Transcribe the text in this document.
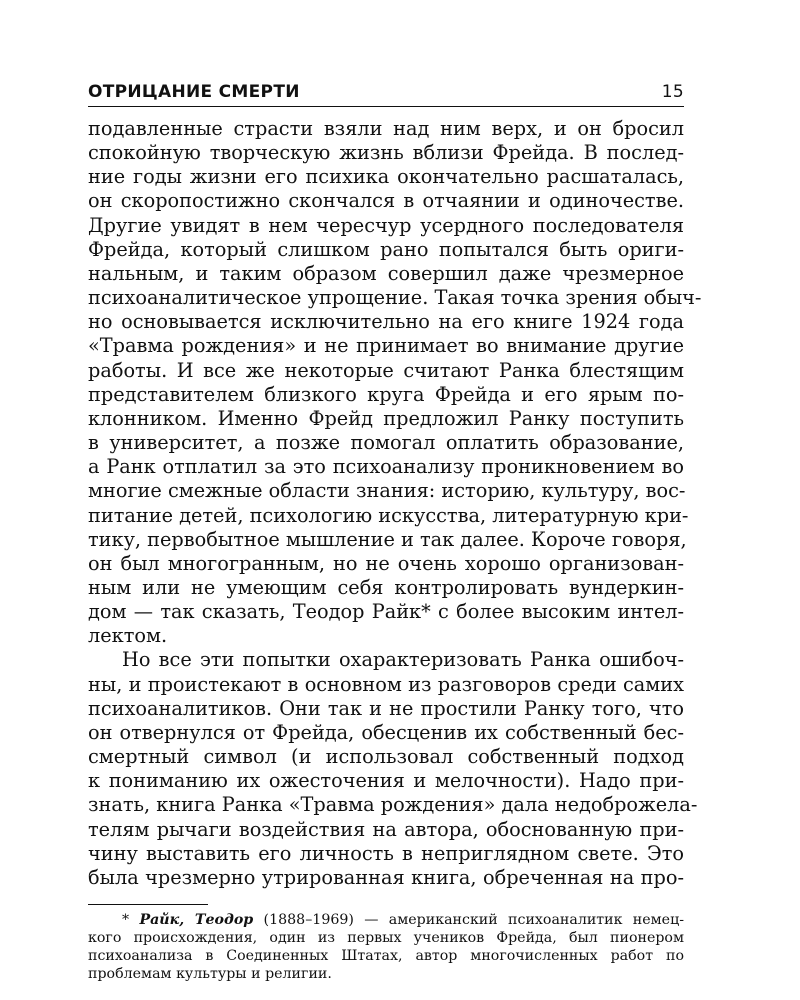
ОТРИЦАНИЕ СМЕРТИ	15
подавленные страсти взяли над ним верх, и он бросил
спокойную творческую жизнь вблизи Фрейда. В послед-
ние годы жизни его психика окончательно расшаталась,
он скоропостижно скончался в отчаянии и одиночестве.
Другие увидят в нем чересчур усердного последователя
Фрейда, который слишком рано попытался быть ориги-
нальным, и таким образом совершил даже чрезмерное
психоаналитическое упрощение. Такая точка зрения обыч-
но основывается исключительно на его книге 1924 года
«Травма рождения» и не принимает во внимание другие
работы. И все же некоторые считают Ранка блестящим
представителем близкого круга Фрейда и его ярым по-
клонником. Именно Фрейд предложил Ранку поступить
в университет, а позже помогал оплатить образование,
а Ранк отплатил за это психоанализу проникновением во
многие смежные области знания: историю, культуру, вос-
питание детей, психологию искусства, литературную кри-
тику, первобытное мышление и так далее. Короче говоря,
он был многогранным, но не очень хорошо организован-
ным или не умеющим себя контролировать вундеркин-
дом — так сказать, Теодор Райк* с более высоким интел-
лектом.
Но все эти попытки охарактеризовать Ранка ошибоч-
ны, и проистекают в основном из разговоров среди самих
психоаналитиков. Они так и не простили Ранку того, что
он отвернулся от Фрейда, обесценив их собственный бес-
смертный символ (и использовал собственный подход
к пониманию их ожесточения и мелочности). Надо при-
знать, книга Ранка «Травма рождения» дала недоброжела-
телям рычаги воздействия на автора, обоснованную при-
чину выставить его личность в неприглядном свете. Это
была чрезмерно утрированная книга, обреченная на про-
* Райк, Теодор (1888–1969) — американский психоаналитик немец-
кого происхождения, один из первых учеников Фрейда, был пионером
психоанализа в Соединенных Штатах, автор многочисленных работ по
проблемам культуры и религии.
